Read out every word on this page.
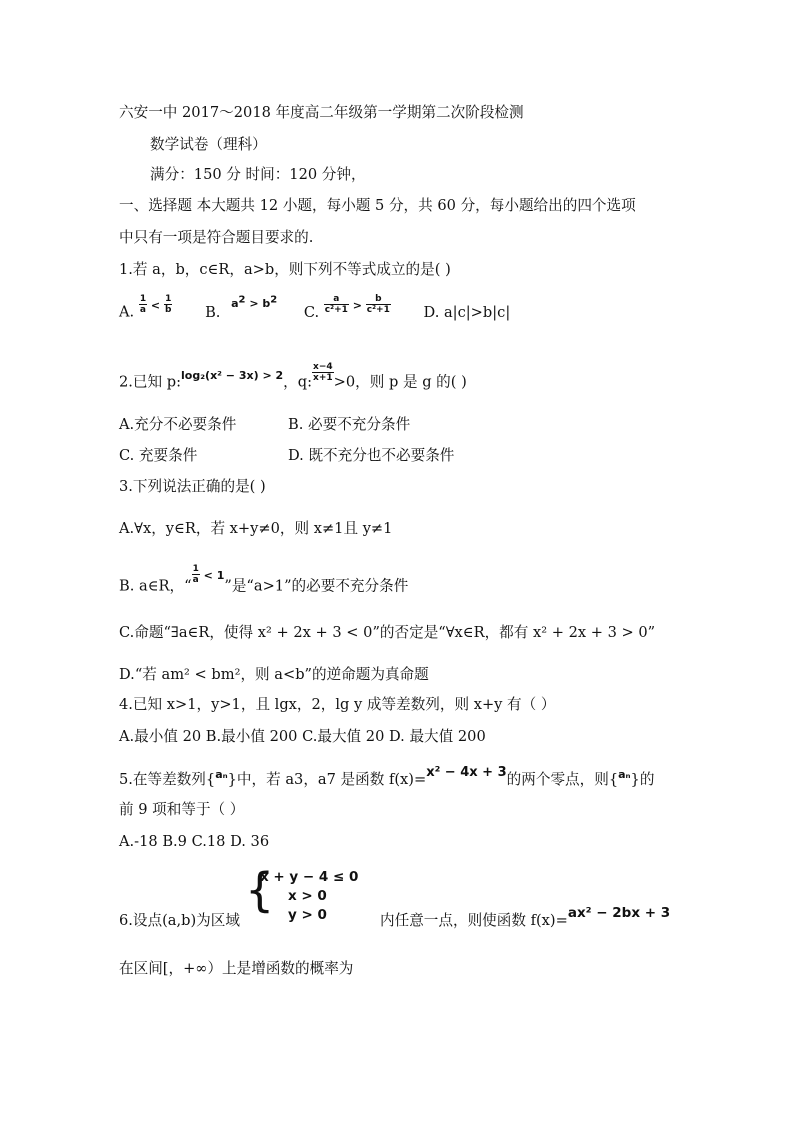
六安一中 2017～2018 年度高二年级第一学期第二次阶段检测
数学试卷（理科）
满分：150 分 时间：120 分钟，
一、选择题 本大题共 12 小题，每小题 5 分，共 60 分，每小题给出的四个选项
中只有一项是符合题目要求的.
1.若 a，b，c∈R，a>b，则下列不等式成立的是( )
A. $\frac{1}{a} < \frac{1}{b} B$. $^{a2 > b2}$ C. $\frac{a}{\text{c²+1}} > \frac{b}{\text{c²+1}} D$. a|c|>b|c|
2.已知 p:$^{log_2(x^2 - 3x) > 2}$，q: $\frac{x-4}{x+1} >0$，则 p 是 g 的( )
A.充分不必要条件	B. 必要不充分条件
C. 充要条件	D. 既不充分也不必要条件
3.下列说法正确的是( )
A.∀x，y∈R，若 x+y≠0，则 x≠1且 y≠1
B. a∈R，“
$\frac{1}{a} ^{< 1}$”是“a>1”的必要不充分条件
C.命题“∃a∈R，使得 x² + 2x + 3 < 0”的否定是“∀x∈R，都有 x² + 2x + 3 > 0”
D.“若 am² < bm²，则 a<b”的逆命题为真命题
4.已知 x>1，y>1，且 lgx，2，lg y 成等差数列，则 x+y 有（ ）
A.最小值 20 B.最小值 200 C.最大值 20 D. 最大值 200
5.在等差数列{$^{a_n}$}中，若 a3，a7 是函数 f(x)=x² − 4x + 3的两个零点，则{$^{a_n}$}的
前 9 项和等于（ ）
A.-18 B.9 C.18 D. 36
{
x + y − 4 ≤ 0
x > 0
y > 0
6.设点(a,b)为区域	内任意一点，则使函数 f(x)=ax² − 2bx + 3
在区间[，+∞）上是增函数的概率为
